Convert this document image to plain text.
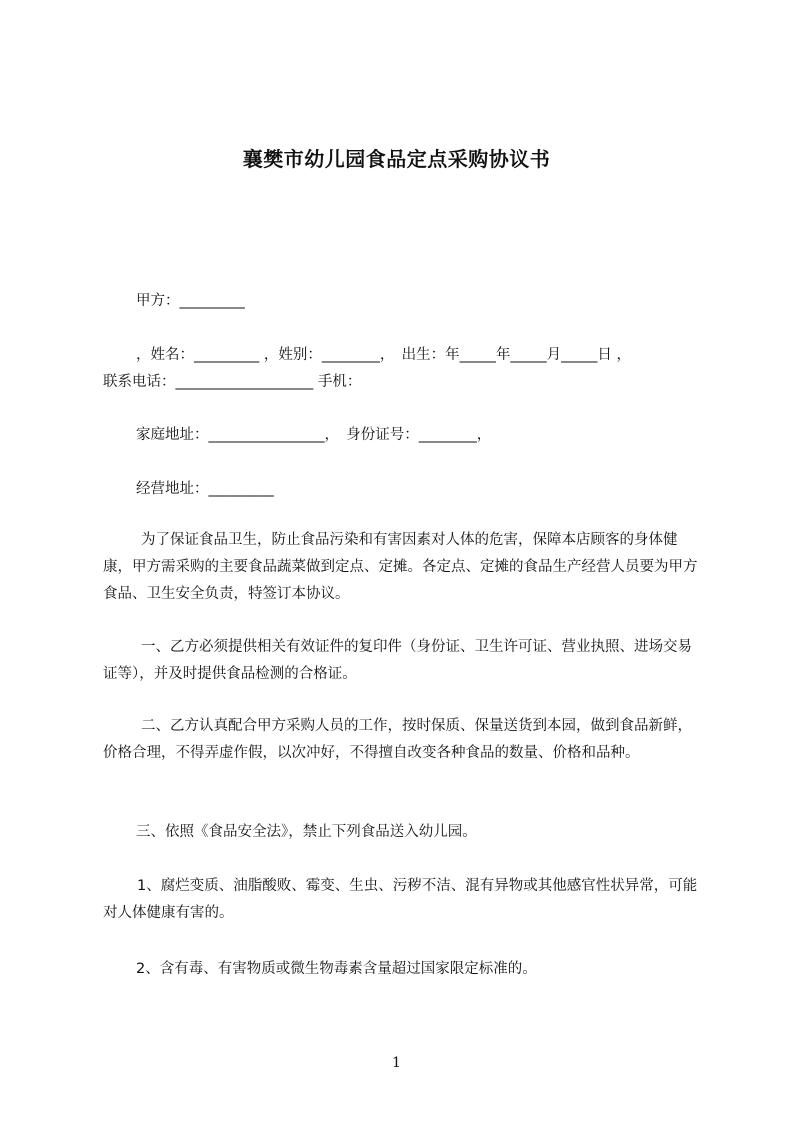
襄樊市幼儿园食品定点采购协议书
甲方：_________
，姓名：_________ ，姓别：________，　出生：年_____年_____月_____日 ，
联系电话：___________________ 手机：
家庭地址：________________，　身份证号：________，
经营地址：_________
为了保证食品卫生，防止食品污染和有害因素对人体的危害，保障本店顾客的身体健康，甲方需采购的主要食品蔬菜做到定点、定摊。各定点、定摊的食品生产经营人员要为甲方食品、卫生安全负责，特签订本协议。
一、乙方必须提供相关有效证件的复印件（身份证、卫生许可证、营业执照、进场交易证等），并及时提供食品检测的合格证。
二、乙方认真配合甲方采购人员的工作，按时保质、保量送货到本园，做到食品新鲜，价格合理，不得弄虚作假，以次冲好，不得擅自改变各种食品的数量、价格和品种。
三、依照《食品安全法》，禁止下列食品送入幼儿园。
1、腐烂变质、油脂酸败、霉变、生虫、污秽不洁、混有异物或其他感官性状异常，可能对人体健康有害的。
2、含有毒、有害物质或微生物毒素含量超过国家限定标准的。
1
